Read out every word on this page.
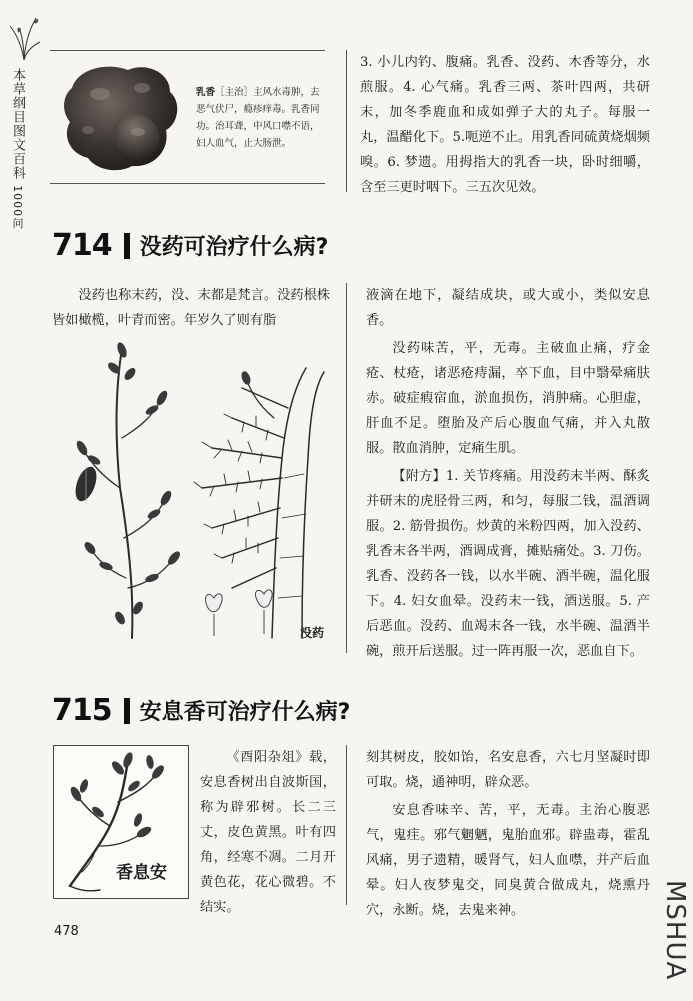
本草纲目图文百科 1000问
乳香［主治］主风水毒肿，去恶气伏尸，瘾疹痒毒。乳香同功。治耳聋，中风口噤不语，妇人血气，止大肠泄。

3. 小儿内钓、腹痛。乳香、没药、木香等分，水煎服。4. 心气痛。乳香三两、茶叶四两，共研末，加冬季鹿血和成如弹子大的丸子。每服一丸，温醋化下。5.呃逆不止。用乳香同硫黄烧烟频嗅。6. 梦遗。用拇指大的乳香一块，卧时细嚼，含至三更时咽下。三五次见效。

714 没药可治疗什么病?

没药也称末药，没、末都是梵言。没药根株皆如橄榄，叶青而密。年岁久了则有脂

没药

液滴在地下，凝结成块，或大或小，类似安息香。

没药味苦，平，无毒。主破血止痛，疗金疮、杖疮，诸恶疮痔漏，卒下血，目中翳晕痛肤赤。破症瘕宿血，淤血损伤，消肿痛。心胆虚，肝血不足。堕胎及产后心腹血气痛，并入丸散服。散血消肿，定痛生肌。

【附方】1. 关节疼痛。用没药末半两、酥炙并研末的虎胫骨三两，和匀，每服二钱，温酒调服。2. 筋骨损伤。炒黄的米粉四两，加入没药、乳香末各半两，酒调成膏，摊贴痛处。3. 刀伤。乳香、没药各一钱，以水半碗、酒半碗，温化服下。4. 妇女血晕。没药末一钱，酒送服。5. 产后恶血。没药、血竭末各一钱，水半碗、温酒半碗，煎开后送服。过一阵再服一次，恶血自下。

715 安息香可治疗什么病?
香息安

《酉阳杂俎》载，安息香树出自波斯国，称为辟邪树。长二三丈，皮色黄黑。叶有四角，经寒不凋。二月开黄色花，花心微碧。不结实。

刻其树皮，胶如饴，名安息香，六七月坚凝时即可取。烧，通神明，辟众恶。

安息香味辛、苦，平，无毒。主治心腹恶气，鬼疰。邪气魍魉，鬼胎血邪。辟蛊毒，霍乱风痛，男子遗精，暖肾气，妇人血噤，并产后血晕。妇人夜梦鬼交，同臭黄合做成丸，烧熏丹穴，永断。烧，去鬼来神。

478	MSHUA
